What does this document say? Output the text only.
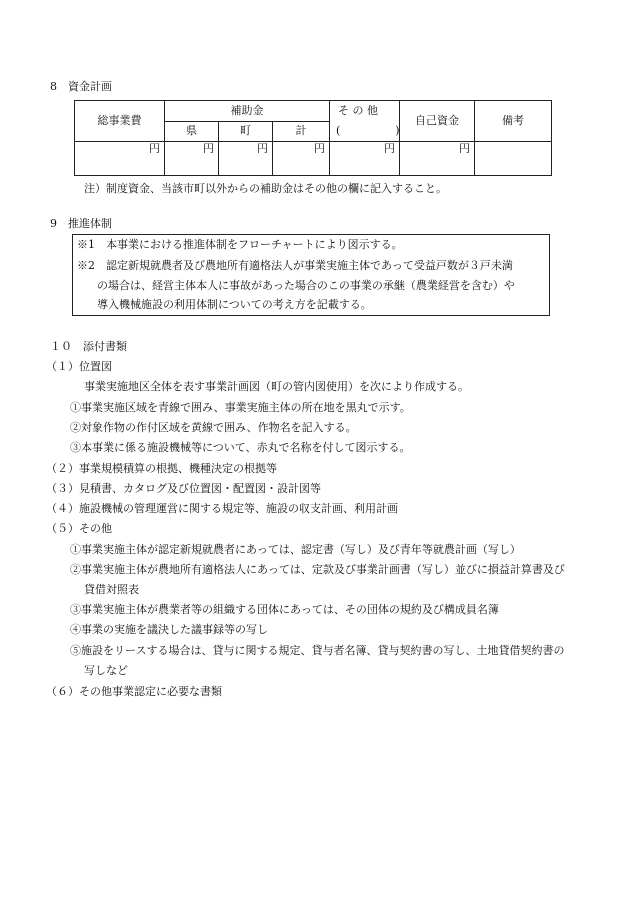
8　資金計画
総事業費	補助金			そ の 他	自己資金	備考
	県	町	計	(　　　　　)		
円	円	円	円	円	円	
注）制度資金、当該市町以外からの補助金はその他の欄に記入すること。
9　推進体制
※1　本事業における推進体制をフローチャートにより図示する。
※2　認定新規就農者及び農地所有適格法人が事業実施主体であって受益戸数が３戸未満
の場合は、経営主体本人に事故があった場合のこの事業の承継（農業経営を含む）や
導入機械施設の利用体制についての考え方を記載する。
１０　添付書類
（１）位置図
事業実施地区全体を表す事業計画図（町の管内図使用）を次により作成する。
①事業実施区域を青線で囲み、事業実施主体の所在地を黒丸で示す。
②対象作物の作付区域を黄線で囲み、作物名を記入する。
③本事業に係る施設機械等について、赤丸で名称を付して図示する。
（２）事業規模積算の根拠、機種決定の根拠等
（３）見積書、カタログ及び位置図・配置図・設計図等
（４）施設機械の管理運営に関する規定等、施設の収支計画、利用計画
（５）その他
①事業実施主体が認定新規就農者にあっては、認定書（写し）及び青年等就農計画（写し）
②事業実施主体が農地所有適格法人にあっては、定款及び事業計画書（写し）並びに損益計算書及び
貸借対照表
③事業実施主体が農業者等の組織する団体にあっては、その団体の規約及び構成員名簿
④事業の実施を議決した議事録等の写し
⑤施設をリースする場合は、貸与に関する規定、貸与者名簿、貸与契約書の写し、土地貸借契約書の
写しなど
（６）その他事業認定に必要な書類
